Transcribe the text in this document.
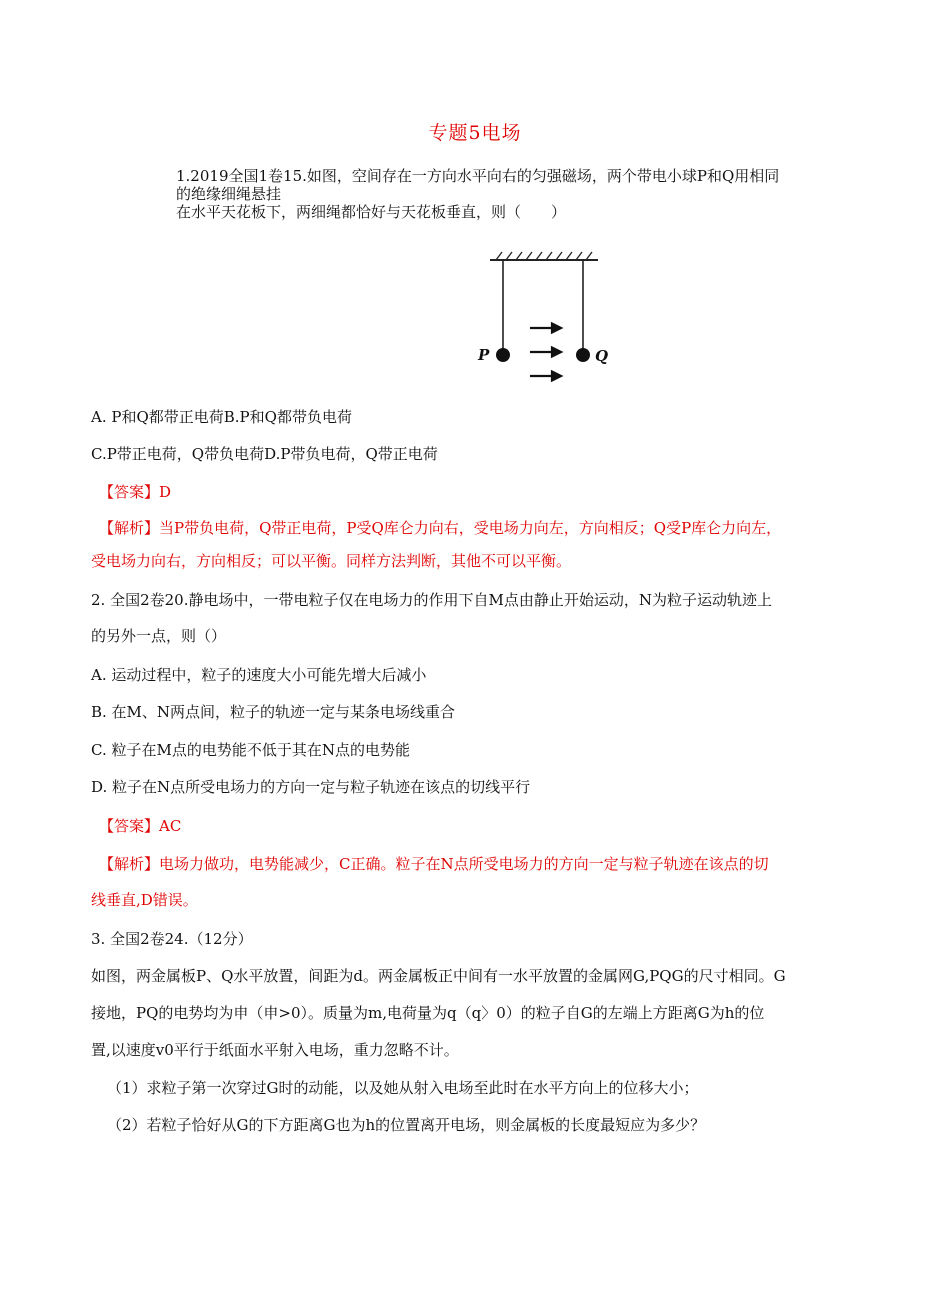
专题5电场
1.2019全国1卷15.如图，空间存在一方向水平向右的匀强磁场，两个带电小球P和Q用相同
的绝缘细绳悬挂
在水平天花板下，两细绳都恰好与天花板垂直，则（　　）
P	Q
A. P和Q都带正电荷B.P和Q都带负电荷
C.P带正电荷，Q带负电荷D.P带负电荷，Q带正电荷
【答案】D
【解析】当P带负电荷，Q带正电荷，P受Q库仑力向右，受电场力向左，方向相反；Q受P库仑力向左，
受电场力向右，方向相反；可以平衡。同样方法判断，其他不可以平衡。
2. 全国2卷20.静电场中，一带电粒子仅在电场力的作用下自M点由静止开始运动，N为粒子运动轨迹上
的另外一点，则（）
A. 运动过程中，粒子的速度大小可能先增大后减小
B. 在M、N两点间，粒子的轨迹一定与某条电场线重合
C. 粒子在M点的电势能不低于其在N点的电势能
D. 粒子在N点所受电场力的方向一定与粒子轨迹在该点的切线平行
【答案】AC
【解析】电场力做功，电势能减少，C正确。粒子在N点所受电场力的方向一定与粒子轨迹在该点的切
线垂直,D错误。
3. 全国2卷24.（12分）
如图，两金属板P、Q水平放置，间距为d。两金属板正中间有一水平放置的金属网G,PQG的尺寸相同。G
接地，PQ的电势均为申（申>0）。质量为m,电荷量为q（q〉0）的粒子自G的左端上方距离G为h的位
置,以速度v0平行于纸面水平射入电场，重力忽略不计。
（1）求粒子第一次穿过G时的动能，以及她从射入电场至此时在水平方向上的位移大小；
（2）若粒子恰好从G的下方距离G也为h的位置离开电场，则金属板的长度最短应为多少？
